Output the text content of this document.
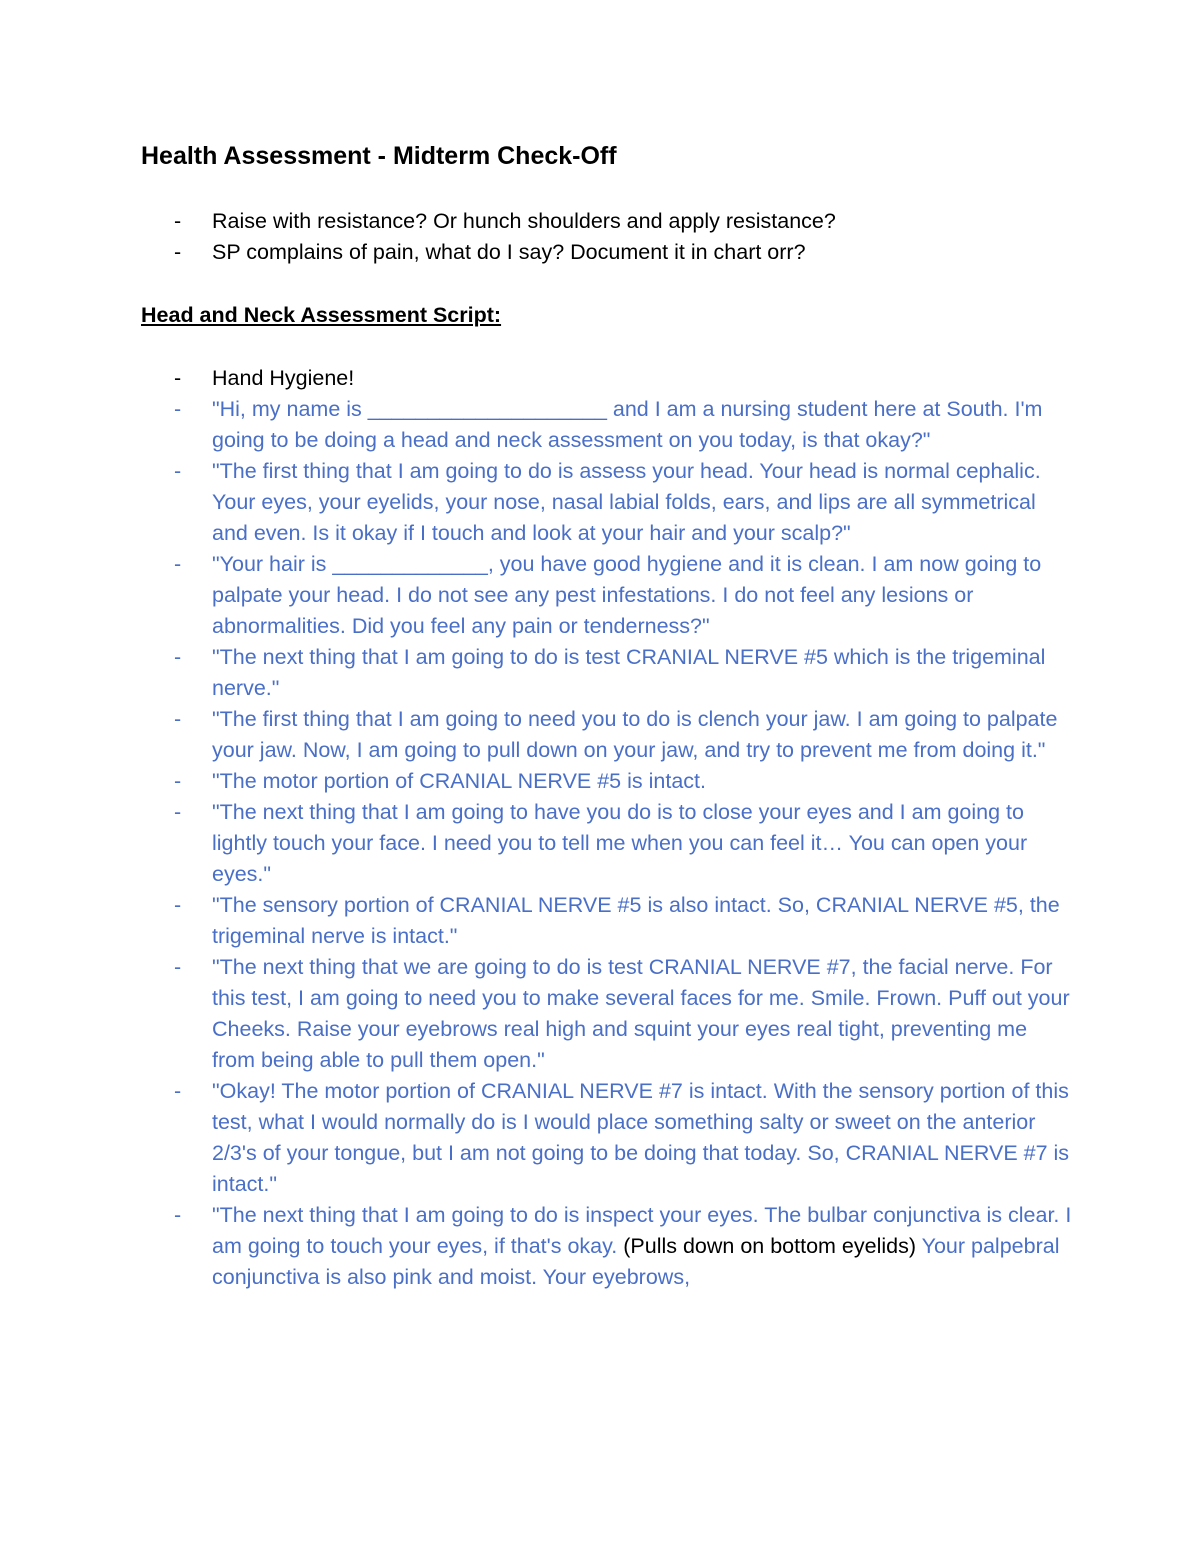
Health Assessment - Midterm Check-Off
- Raise with resistance? Or hunch shoulders and apply resistance?
- SP complains of pain, what do I say? Document it in chart orr?
Head and Neck Assessment Script:
- Hand Hygiene!
- "Hi, my name is ____________________ and I am a nursing student here at South. I'm going to be doing a head and neck assessment on you today, is that okay?"
- "The first thing that I am going to do is assess your head. Your head is normal cephalic. Your eyes, your eyelids, your nose, nasal labial folds, ears, and lips are all symmetrical and even. Is it okay if I touch and look at your hair and your scalp?"
- "Your hair is _____________, you have good hygiene and it is clean. I am now going to palpate your head. I do not see any pest infestations. I do not feel any lesions or abnormalities. Did you feel any pain or tenderness?"
- "The next thing that I am going to do is test CRANIAL NERVE #5 which is the trigeminal nerve."
- "The first thing that I am going to need you to do is clench your jaw. I am going to palpate your jaw. Now, I am going to pull down on your jaw, and try to prevent me from doing it."
- "The motor portion of CRANIAL NERVE #5 is intact.
- "The next thing that I am going to have you do is to close your eyes and I am going to lightly touch your face. I need you to tell me when you can feel it… You can open your eyes."
- "The sensory portion of CRANIAL NERVE #5 is also intact. So, CRANIAL NERVE #5, the trigeminal nerve is intact."
- "The next thing that we are going to do is test CRANIAL NERVE #7, the facial nerve. For this test, I am going to need you to make several faces for me. Smile. Frown. Puff out your Cheeks. Raise your eyebrows real high and squint your eyes real tight, preventing me from being able to pull them open."
- "Okay! The motor portion of CRANIAL NERVE #7 is intact. With the sensory portion of this test, what I would normally do is I would place something salty or sweet on the anterior 2/3's of your tongue, but I am not going to be doing that today. So, CRANIAL NERVE #7 is intact."
- "The next thing that I am going to do is inspect your eyes. The bulbar conjunctiva is clear. I am going to touch your eyes, if that's okay. (Pulls down on bottom eyelids) Your palpebral conjunctiva is also pink and moist. Your eyebrows,
